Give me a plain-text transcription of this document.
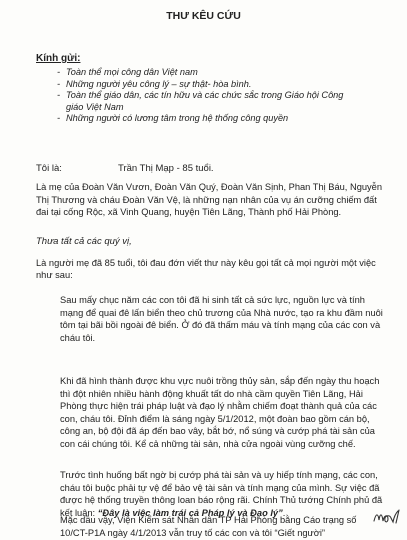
THƯ KÊU CỨU
Kính gửi:
- Toàn thể mọi công dân Việt nam
- Những người yêu công lý – sự thật- hòa bình.
- Toàn thể giáo dân, các tín hữu và các chức sắc trong Giáo hội Công giáo Việt Nam
- Những người có lương tâm trong hệ thống công quyền
Tôi là:	Trần Thị Mạp - 85 tuổi.
Là mẹ của Đoàn Văn Vươn, Đoàn Văn Quý, Đoàn Văn Sịnh, Phan Thị Báu, Nguyễn Thị Thương và cháu Đoàn Văn Vệ, là những nạn nhân của vụ án cưỡng chiếm đất đai tại cống Rộc, xã Vinh Quang, huyện Tiên Lãng, Thành phố Hải Phòng.
Thưa tất cả các quý vị,
Là người mẹ đã 85 tuổi, tôi đau đớn viết thư này kêu gọi tất cả mọi người một việc như sau:
Sau mấy chục năm các con tôi đã hi sinh tất cả sức lực, nguồn lực và tính mạng để quai đê lấn biển theo chủ trương của Nhà nước, tạo ra khu đầm nuôi tôm tại bãi bồi ngoài đê biển. Ở đó đã thấm máu và tính mạng của các con và cháu tôi.
Khi đã hình thành được khu vực nuôi trồng thủy sản, sắp đến ngày thu hoạch thì đột nhiên nhiều hành động khuất tất do nhà cầm quyền Tiên Lãng, Hải Phòng thực hiện trái pháp luật và đạo lý nhằm chiếm đoạt thành quả của các con, cháu tôi. Đỉnh điểm là sáng ngày 5/1/2012, một đoàn bao gồm cán bộ, công an, bộ đội đã áp đến bao vây, bắt bớ, nổ súng và cướp phá tài sản của con cái chúng tôi. Kể cả những tài sản, nhà cửa ngoài vùng cưỡng chế.
Trước tình huống bất ngờ bị cướp phá tài sản và uy hiếp tính mạng, các con, cháu tôi buộc phải tự vệ để bảo vệ tài sản và tính mạng của mình. Sự việc đã được hệ thống truyền thông loan báo rộng rãi. Chính Thủ tướng Chính phủ đã kết luận: “Đây là việc làm trái cả Pháp lý và Đạo lý”.
Mặc dầu vậy, Viện Kiểm sát Nhân dân TP Hải Phòng bằng Cáo trạng số 10/CT-P1A ngày 4/1/2013 vẫn truy tố các con và tôi “Giết người”
